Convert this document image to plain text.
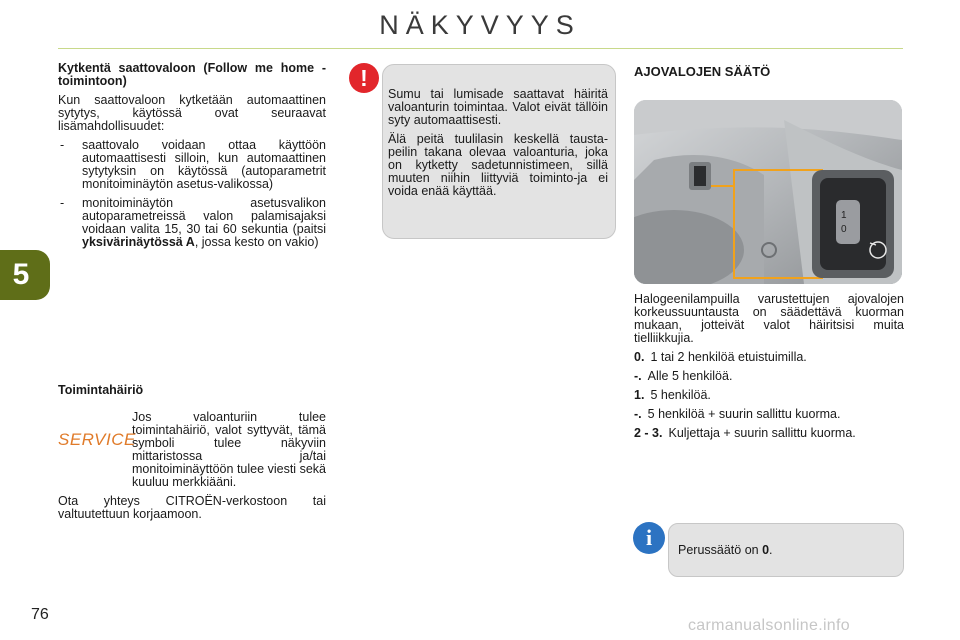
NÄKYVYYS
5

Kytkentä saattovaloon (Follow me home -toimintoon)

Kun saattovaloon kytketään automaattinen sytytys, käytössä ovat seuraavat lisämahdollisuudet:

- saattovalo voidaan ottaa käyttöön automaattisesti silloin, kun automaattinen sytytyksin on käytössä (autoparametrit monitoiminäytön asetus-valikossa)
- monitoiminäytön asetusvalikon autoparametreissä valon palamisajaksi voidaan valita 15, 30 tai 60 sekuntia (paitsi yksivärinäytössä A, jossa kesto on vakio)

Toimintahäiriö

SERVICE
Jos valoanturiin tulee toimintahäiriö, valot syttyvät, tämä symboli tulee näkyviin mittaristossa ja/tai monitoiminäyttöön tulee viesti sekä kuuluu merkkiääni.

Ota yhteys CITROËN-verkostoon tai valtuutettuun korjaamoon.

!

Sumu tai lumisade saattavat häiritä valoanturin toimintaa. Valot eivät tällöin syty automaattisesti.

Älä peitä tuulilasin keskellä tausta-peilin takana olevaa valoanturia, joka on kytketty sadetunnistimeen, sillä muuten niihin liittyviä toiminto-ja ei voida enää käyttää.

AJOVALOJEN SÄÄTÖ

1
0

Halogeenilampuilla varustettujen ajovalojen korkeussuuntausta on säädettävä kuorman mukaan, jotteivät valot häiritsisi muita tielliikkujia.

0. 1 tai 2 henkilöä etuistuimilla.
-. Alle 5 henkilöä.
1. 5 henkilöä.
-. 5 henkilöä + suurin sallittu kuorma.
2 - 3. Kuljettaja + suurin sallittu kuorma.
i	Perussäätö on 0.
76
carmanualsonline.info
